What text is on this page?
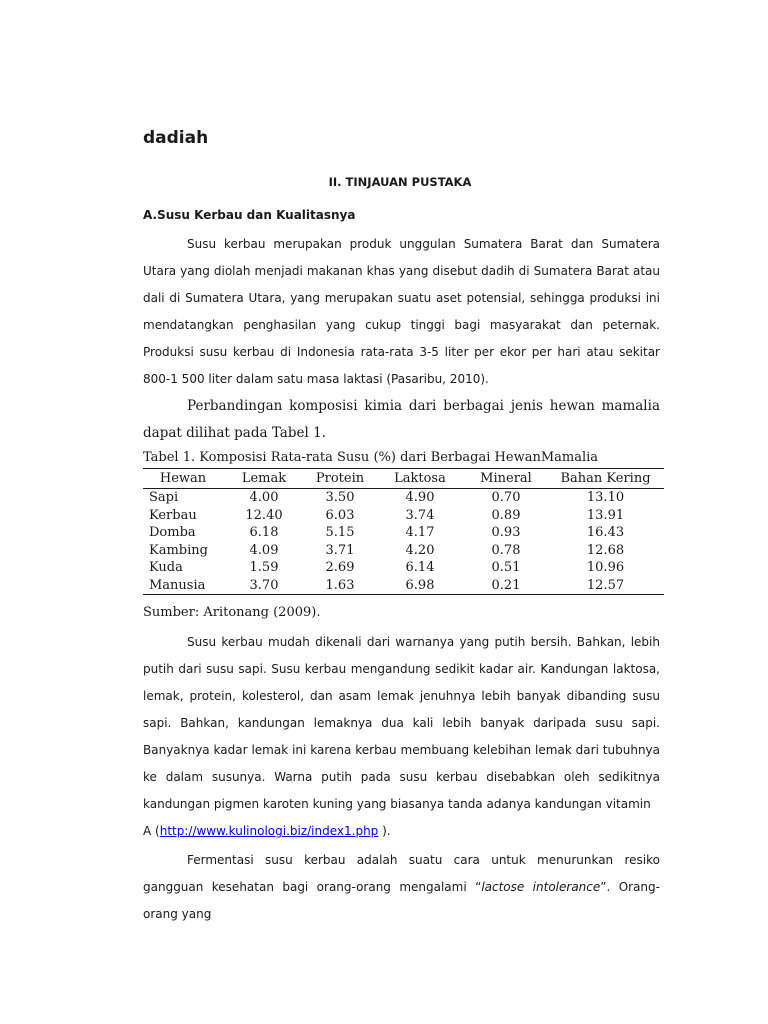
dadiah
II. TINJAUAN PUSTAKA
A.Susu Kerbau dan Kualitasnya

Susu kerbau merupakan produk unggulan Sumatera Barat dan Sumatera Utara yang diolah menjadi makanan khas yang disebut dadih di Sumatera Barat atau dali di Sumatera Utara, yang merupakan suatu aset potensial, sehingga produksi ini mendatangkan penghasilan yang cukup tinggi bagi masyarakat dan peternak. Produksi susu kerbau di Indonesia rata-rata 3-5 liter per ekor per hari atau sekitar 800-1 500 liter dalam satu masa laktasi (Pasaribu, 2010).

Perbandingan komposisi kimia dari berbagai jenis hewan mamalia dapat dilihat pada Tabel 1.

Tabel 1. Komposisi Rata-rata Susu (%) dari Berbagai HewanMamalia
Hewan	Lemak	Protein	Laktosa	Mineral	Bahan Kering
Sapi	4.00	3.50	4.90	0.70	13.10
Kerbau	12.40	6.03	3.74	0.89	13.91
Domba	6.18	5.15	4.17	0.93	16.43
Kambing	4.09	3.71	4.20	0.78	12.68
Kuda	1.59	2.69	6.14	0.51	10.96
Manusia	3.70	1.63	6.98	0.21	12.57
Sumber: Aritonang (2009).

Susu kerbau mudah dikenali dari warnanya yang putih bersih. Bahkan, lebih putih dari susu sapi. Susu kerbau mengandung sedikit kadar air. Kandungan laktosa, lemak, protein, kolesterol, dan asam lemak jenuhnya lebih banyak dibanding susu sapi. Bahkan, kandungan lemaknya dua kali lebih banyak daripada susu sapi. Banyaknya kadar lemak ini karena kerbau membuang kelebihan lemak dari tubuhnya ke dalam susunya. Warna putih pada susu kerbau disebabkan oleh sedikitnya kandungan pigmen karoten kuning yang biasanya tanda adanya kandungan vitamin
A (http://www.kulinologi.biz/index1.php ).

Fermentasi susu kerbau adalah suatu cara untuk menurunkan resiko gangguan kesehatan bagi orang-orang mengalami “lactose intolerance”. Orang-orang yang
